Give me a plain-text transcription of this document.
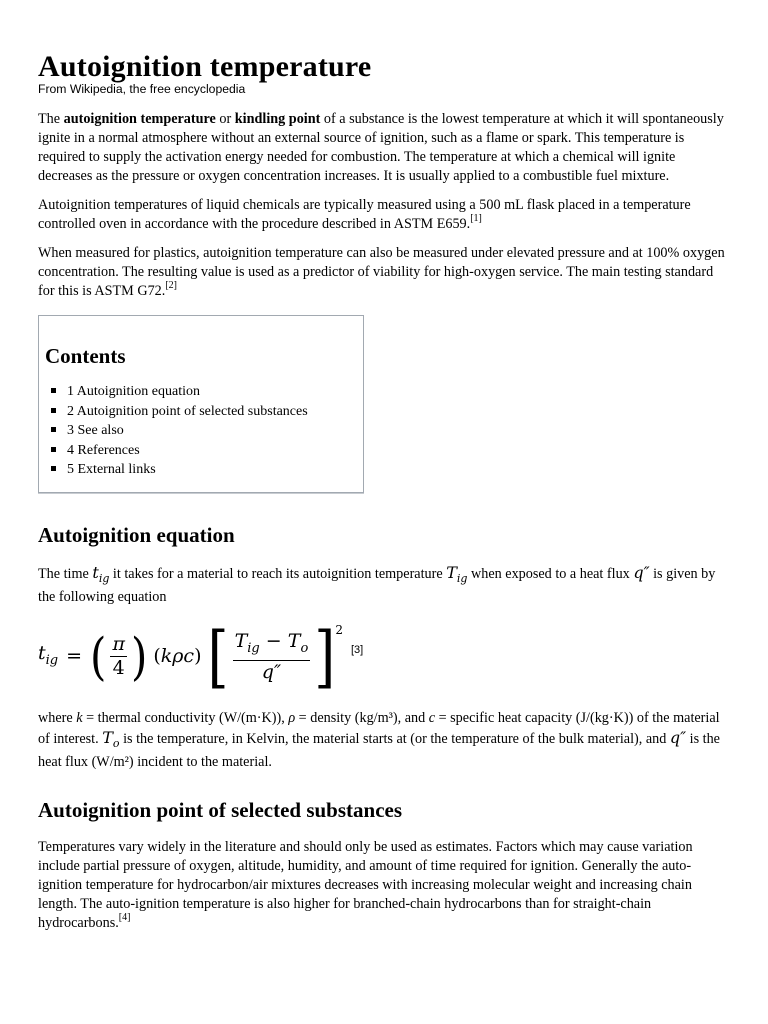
Autoignition temperature
From Wikipedia, the free encyclopedia

The autoignition temperature or kindling point of a substance is the lowest temperature at which it will spontaneously ignite in a normal atmosphere without an external source of ignition, such as a flame or spark. This temperature is required to supply the activation energy needed for combustion. The temperature at which a chemical will ignite decreases as the pressure or oxygen concentration increases. It is usually applied to a combustible fuel mixture.

Autoignition temperatures of liquid chemicals are typically measured using a 500 mL flask placed in a temperature controlled oven in accordance with the procedure described in ASTM E659.[1]

When measured for plastics, autoignition temperature can also be measured under elevated pressure and at 100% oxygen concentration. The resulting value is used as a predictor of viability for high-oxygen service. The main testing standard for this is ASTM G72.[2]

Contents
1 Autoignition equation
2 Autoignition point of selected substances
3 See also
4 References
5 External links
Autoignition equation

The time $t_{ig}$ it takes for a material to reach its autoignition temperature $T_{ig}$ when exposed to a heat flux q″ is given by the following equation

$t_{ig}$ = ( $\frac{\pi}{4}$ ) (kρc) [ $\frac{T_{ig} - T_o}{q''}$ ] 2
[3]

where k = thermal conductivity (W/(m·K)), ρ = density (kg/m³), and c = specific heat capacity (J/(kg·K)) of the material of interest. $T_o$ is the temperature, in Kelvin, the material starts at (or the temperature of the bulk material), and q″ is the heat flux (W/m²) incident to the material.

Autoignition point of selected substances

Temperatures vary widely in the literature and should only be used as estimates. Factors which may cause variation include partial pressure of oxygen, altitude, humidity, and amount of time required for ignition. Generally the auto-ignition temperature for hydrocarbon/air mixtures decreases with increasing molecular weight and increasing chain length. The auto-ignition temperature is also higher for branched-chain hydrocarbons than for straight-chain hydrocarbons.[4]
